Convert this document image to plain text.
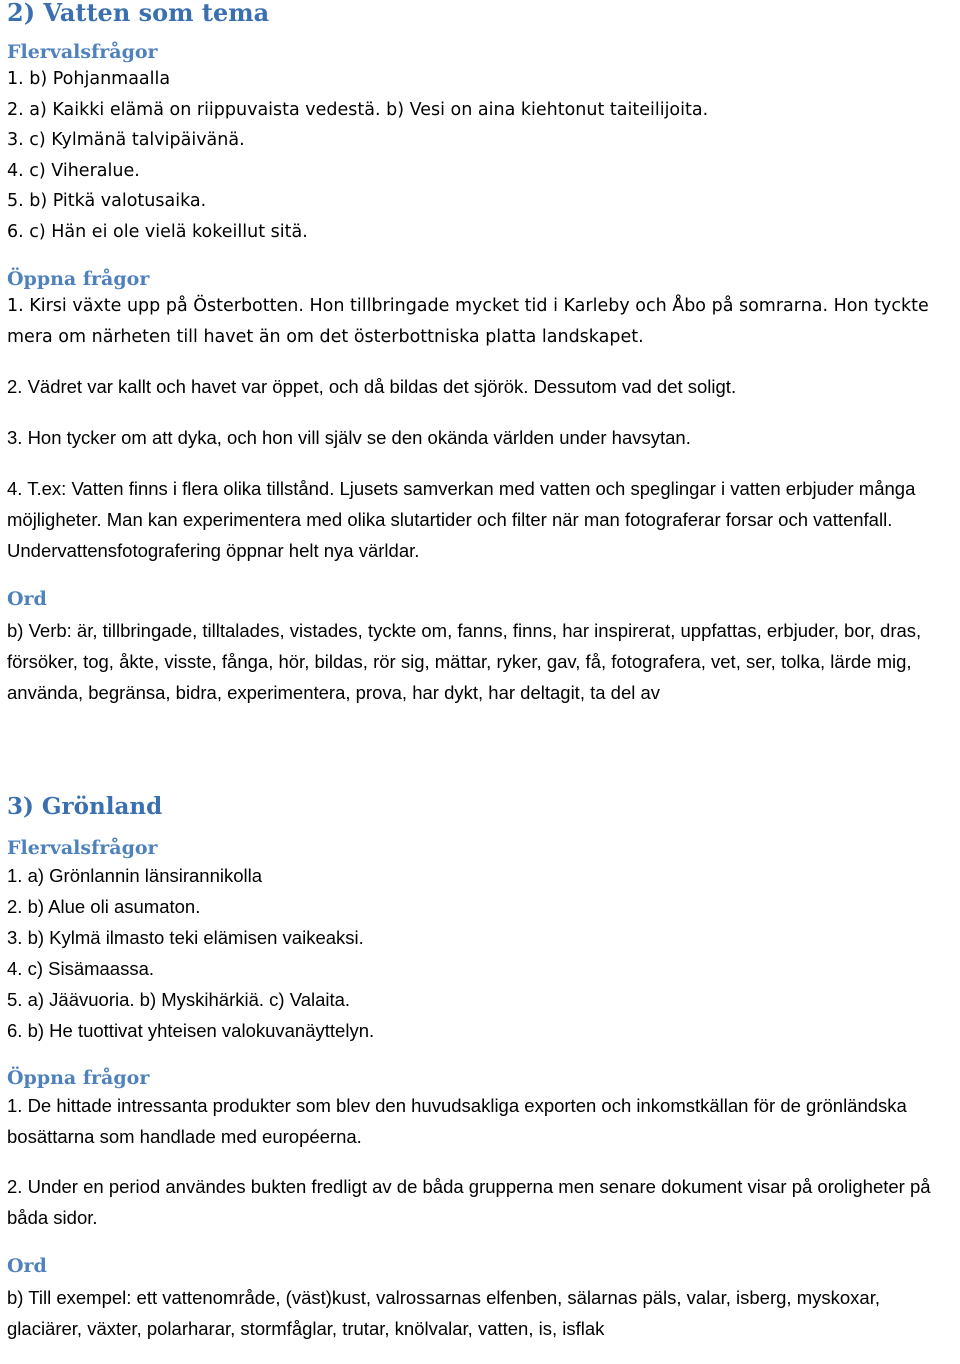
2) Vatten som tema
Flervalsfrågor
1. b) Pohjanmaalla
2. a) Kaikki elämä on riippuvaista vedestä. b) Vesi on aina kiehtonut taiteilijoita.
3. c) Kylmänä talvipäivänä.
4. c) Viheralue.
5. b) Pitkä valotusaika.
6. c) Hän ei ole vielä kokeillut sitä.
Öppna frågor

1. Kirsi växte upp på Österbotten. Hon tillbringade mycket tid i Karleby och Åbo på somrarna. Hon tyckte mera om närheten till havet än om det österbottniska platta landskapet.

2. Vädret var kallt och havet var öppet, och då bildas det sjörök. Dessutom vad det soligt.

3. Hon tycker om att dyka, och hon vill själv se den okända världen under havsytan.

4. T.ex: Vatten finns i flera olika tillstånd. Ljusets samverkan med vatten och speglingar i vatten erbjuder många möjligheter. Man kan experimentera med olika slutartider och filter när man fotograferar forsar och vattenfall. Undervattensfotografering öppnar helt nya världar.

Ord

b) Verb: är, tillbringade, tilltalades, vistades, tyckte om, fanns, finns, har inspirerat, uppfattas, erbjuder, bor, dras, försöker, tog, åkte, visste, fånga, hör, bildas, rör sig, mättar, ryker, gav, få, fotografera, vet, ser, tolka, lärde mig, använda, begränsa, bidra, experimentera, prova, har dykt, har deltagit, ta del av

3) Grönland
Flervalsfrågor
1. a) Grönlannin länsirannikolla
2. b) Alue oli asumaton.
3. b) Kylmä ilmasto teki elämisen vaikeaksi.
4. c) Sisämaassa.
5. a) Jäävuoria. b) Myskihärkiä. c) Valaita.
6. b) He tuottivat yhteisen valokuvanäyttelyn.
Öppna frågor

1. De hittade intressanta produkter som blev den huvudsakliga exporten och inkomstkällan för de grönländska bosättarna som handlade med européerna.

2. Under en period användes bukten fredligt av de båda grupperna men senare dokument visar på oroligheter på båda sidor.

Ord

b) Till exempel: ett vattenområde, (väst)kust, valrossarnas elfenben, sälarnas päls, valar, isberg, myskoxar, glaciärer, växter, polarharar, stormfåglar, trutar, knölvalar, vatten, is, isflak
